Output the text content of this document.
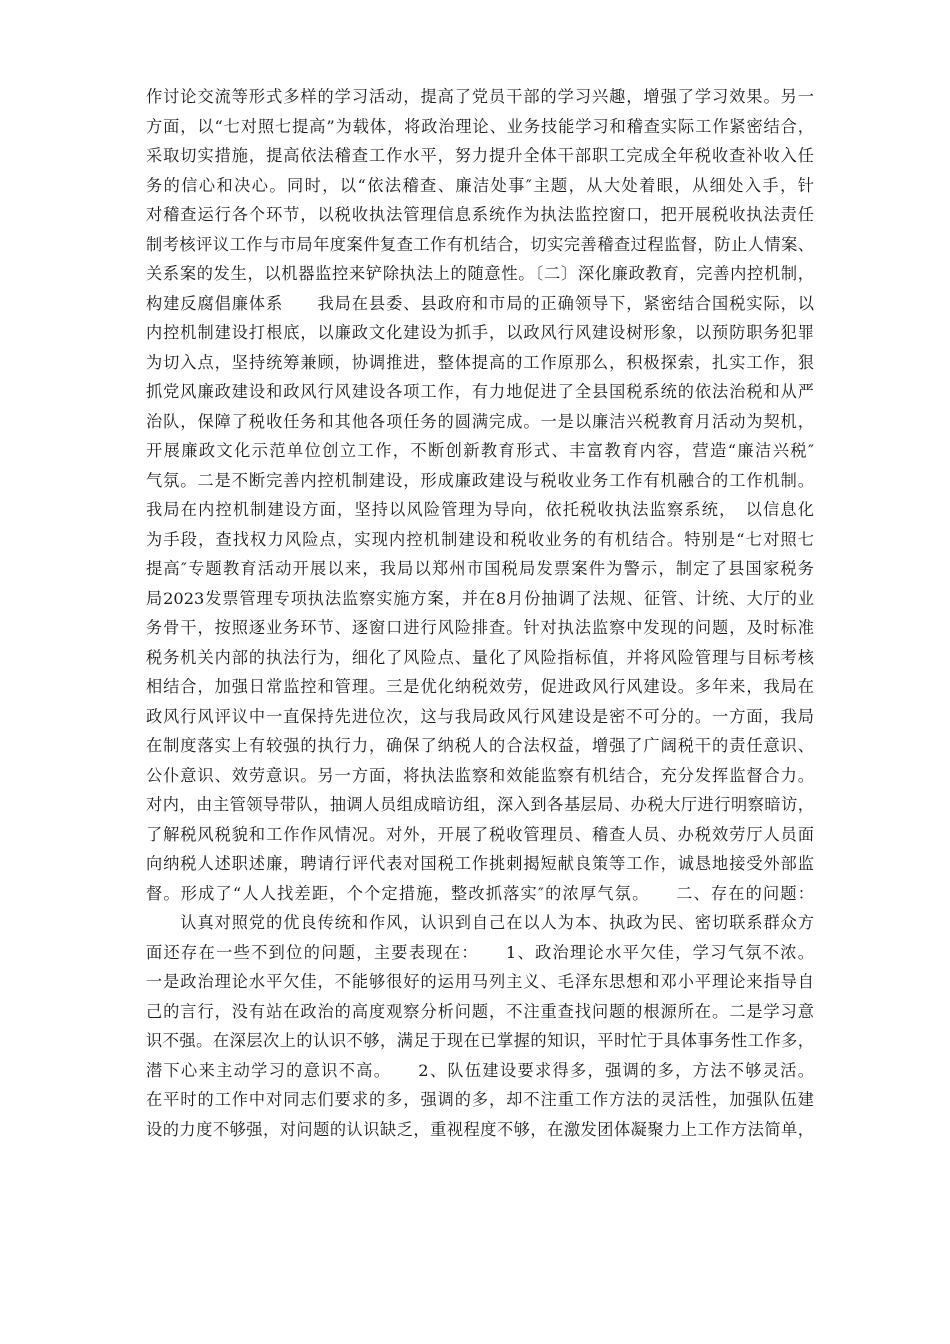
作讨论交流等形式多样的学习活动，提高了党员干部的学习兴趣，增强了学习效果。另一
方面，以“七对照七提高”为载体，将政治理论、业务技能学习和稽查实际工作紧密结合，
采取切实措施，提高依法稽查工作水平，努力提升全体干部职工完成全年税收查补收入任
务的信心和决心。同时，以“依法稽查、廉洁处事″主题，从大处着眼，从细处入手，针
对稽查运行各个环节，以税收执法管理信息系统作为执法监控窗口，把开展税收执法责任
制考核评议工作与市局年度案件复查工作有机结合，切实完善稽查过程监督，防止人情案、
关系案的发生，以机器监控来铲除执法上的随意性。〔二〕深化廉政教育，完善内控机制，
构建反腐倡廉体系　　我局在县委、县政府和市局的正确领导下，紧密结合国税实际，以
内控机制建设打根底，以廉政文化建设为抓手，以政风行风建设树形象，以预防职务犯罪
为切入点，坚持统筹兼顾，协调推进，整体提高的工作原那么，积极探索，扎实工作，狠
抓党风廉政建设和政风行风建设各项工作，有力地促进了全县国税系统的依法治税和从严
治队，保障了税收任务和其他各项任务的圆满完成。一是以廉洁兴税教育月活动为契机，
开展廉政文化示范单位创立工作，不断创新教育形式、丰富教育内容，营造“廉洁兴税″
气氛。二是不断完善内控机制建设，形成廉政建设与税收业务工作有机融合的工作机制。
我局在内控机制建设方面，坚持以风险管理为导向，依托税收执法监察系统，　以信息化
为手段，查找权力风险点，实现内控机制建设和税收业务的有机结合。特别是“七对照七
提高″专题教育活动开展以来，我局以郑州市国税局发票案件为警示，制定了县国家税务
局2023发票管理专项执法监察实施方案，并在8月份抽调了法规、征管、计统、大厅的业
务骨干，按照逐业务环节、逐窗口进行风险排查。针对执法监察中发现的问题，及时标准
税务机关内部的执法行为，细化了风险点、量化了风险指标值，并将风险管理与目标考核
相结合，加强日常监控和管理。三是优化纳税效劳，促进政风行风建设。多年来，我局在
政风行风评议中一直保持先进位次，这与我局政风行风建设是密不可分的。一方面，我局
在制度落实上有较强的执行力，确保了纳税人的合法权益，增强了广阔税干的责任意识、
公仆意识、效劳意识。另一方面，将执法监察和效能监察有机结合，充分发挥监督合力。
对内，由主管领导带队，抽调人员组成暗访组，深入到各基层局、办税大厅进行明察暗访，
了解税风税貌和工作作风情况。对外，开展了税收管理员、稽查人员、办税效劳厅人员面
向纳税人述职述廉，聘请行评代表对国税工作挑刺揭短献良策等工作，诚恳地接受外部监
督。形成了“人人找差距，个个定措施，整改抓落实″的浓厚气氛。　　二、存在的问题：
　　认真对照党的优良传统和作风，认识到自己在以人为本、执政为民、密切联系群众方
面还存在一些不到位的问题，主要表现在：　　1、政治理论水平欠佳，学习气氛不浓。
一是政治理论水平欠佳，不能够很好的运用马列主义、毛泽东思想和邓小平理论来指导自
己的言行，没有站在政治的高度观察分析问题，不注重查找问题的根源所在。二是学习意
识不强。在深层次上的认识不够，满足于现在已掌握的知识，平时忙于具体事务性工作多，
潜下心来主动学习的意识不高。　　2、队伍建设要求得多，强调的多，方法不够灵活。
在平时的工作中对同志们要求的多，强调的多，却不注重工作方法的灵活性，加强队伍建
设的力度不够强，对问题的认识缺乏，重视程度不够，在激发团体凝聚力上工作方法简单，
